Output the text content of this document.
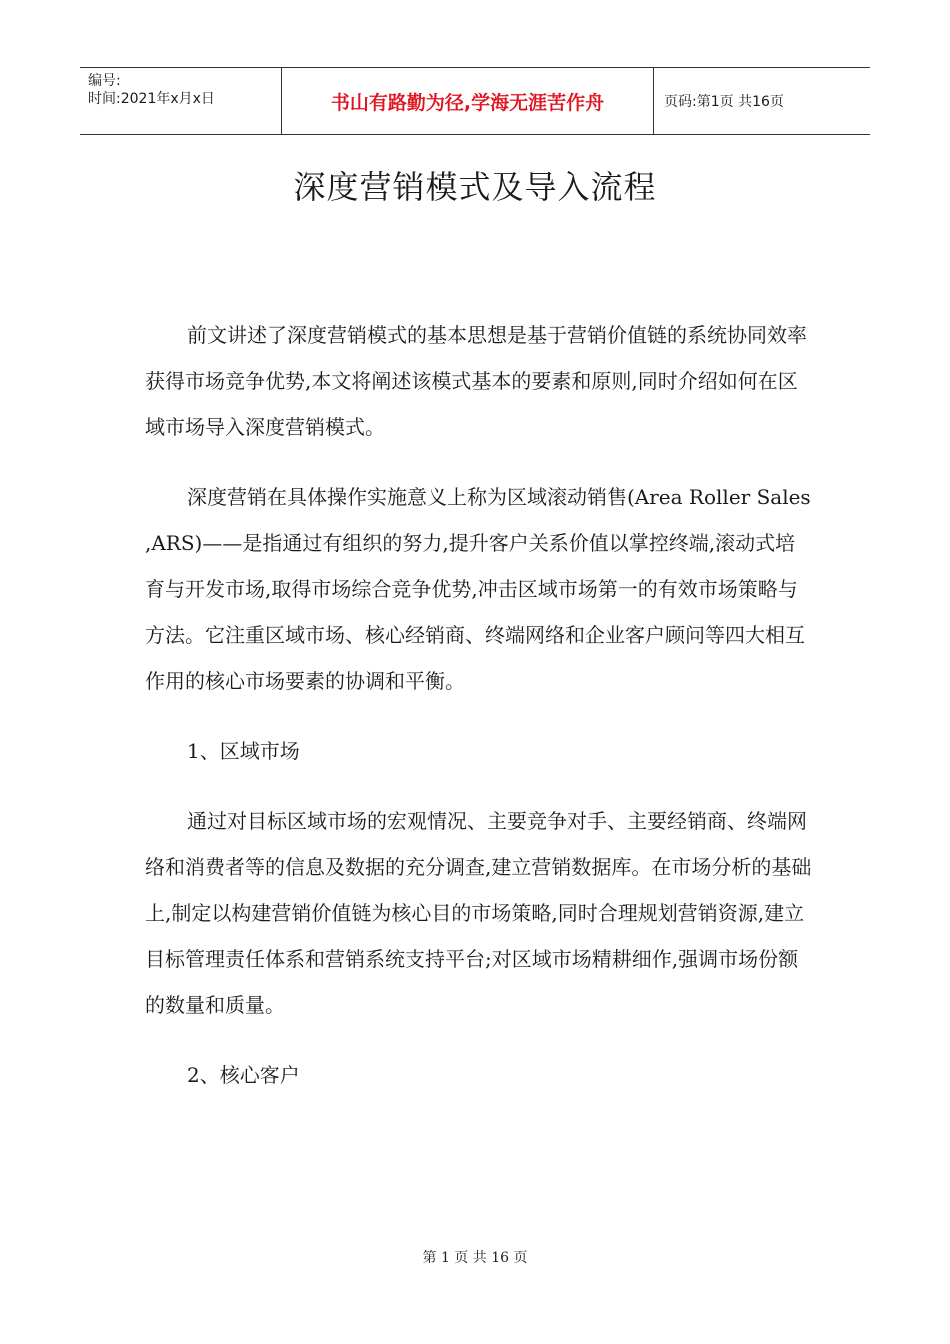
编号:
时间:2021年x月x日	书山有路勤为径,学海无涯苦作舟	页码:第1页 共16页
深度营销模式及导入流程

前文讲述了深度营销模式的基本思想是基于营销价值链的系统协同效率获得市场竞争优势,本文将阐述该模式基本的要素和原则,同时介绍如何在区域市场导入深度营销模式。

深度营销在具体操作实施意义上称为区域滚动销售(Area Roller Sales ,ARS)——是指通过有组织的努力,提升客户关系价值以掌控终端,滚动式培育与开发市场,取得市场综合竞争优势,冲击区域市场第一的有效市场策略与方法。它注重区域市场、核心经销商、终端网络和企业客户顾问等四大相互作用的核心市场要素的协调和平衡。

1、区域市场

通过对目标区域市场的宏观情况、主要竞争对手、主要经销商、终端网络和消费者等的信息及数据的充分调查,建立营销数据库。在市场分析的基础上,制定以构建营销价值链为核心目的市场策略,同时合理规划营销资源,建立目标管理责任体系和营销系统支持平台;对区域市场精耕细作,强调市场份额的数量和质量。

2、核心客户

第 1 页 共 16 页
